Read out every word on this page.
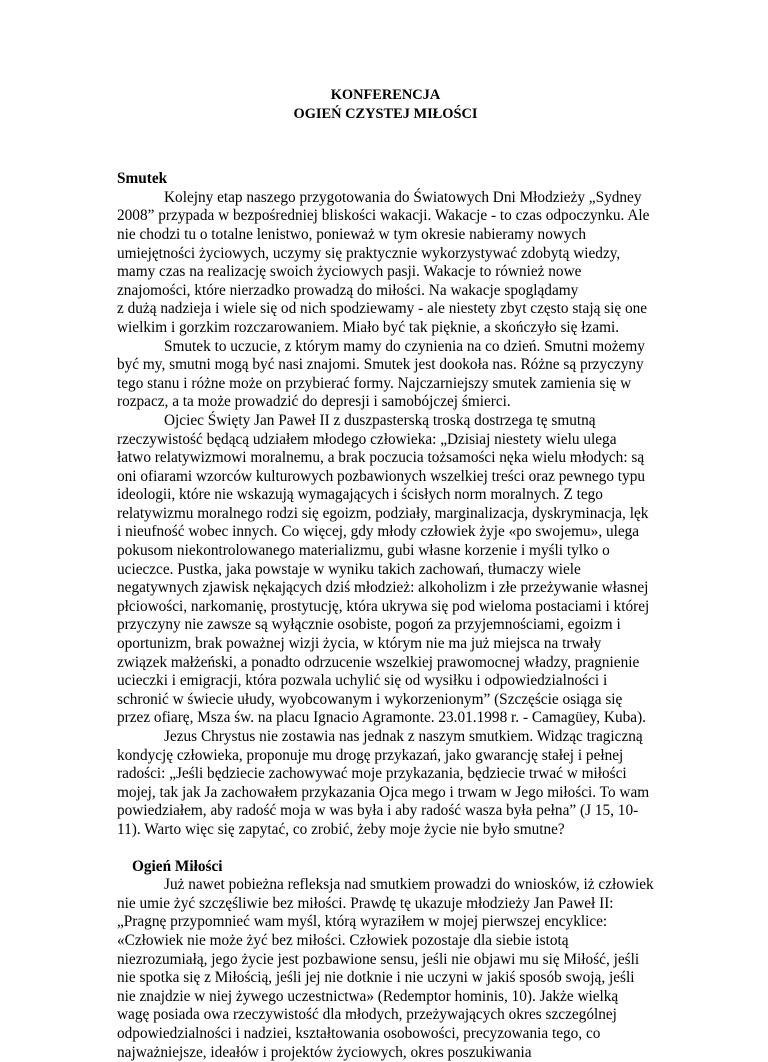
KONFERENCJA

OGIEŃ CZYSTEJ MIŁOŚCI

Smutek

Kolejny etap naszego przygotowania do Światowych Dni Młodzieży „Sydney 2008” przypada w bezpośredniej bliskości wakacji. Wakacje - to czas odpoczynku. Ale nie chodzi tu o totalne lenistwo, ponieważ w tym okresie nabieramy nowych umiejętności życiowych, uczymy się praktycznie wykorzystywać zdobytą wiedzy, mamy czas na realizację swoich życiowych pasji. Wakacje to również nowe znajomości, które nierzadko prowadzą do miłości. Na wakacje spoglądamy

z dużą nadzieja i wiele się od nich spodziewamy - ale niestety zbyt często stają się one wielkim i gorzkim rozczarowaniem. Miało być tak pięknie, a skończyło się łzami.

Smutek to uczucie, z którym mamy do czynienia na co dzień. Smutni możemy być my, smutni mogą być nasi znajomi. Smutek jest dookoła nas. Różne są przyczyny tego stanu i różne może on przybierać formy. Najczarniejszy smutek zamienia się w rozpacz, a ta może prowadzić do depresji i samobójczej śmierci.

Ojciec Święty Jan Paweł II z duszpasterską troską dostrzega tę smutną rzeczywistość będącą udziałem młodego człowieka: „Dzisiaj niestety wielu ulega łatwo relatywizmowi moralnemu, a brak poczucia tożsamości nęka wielu młodych: są oni ofiarami wzorców kulturowych pozbawionych wszelkiej treści oraz pewnego typu ideologii, które nie wskazują wymagających i ścisłych norm moralnych. Z tego relatywizmu moralnego rodzi się egoizm, podziały, marginalizacja, dyskryminacja, lęk i nieufność wobec innych. Co więcej, gdy młody człowiek żyje «po swojemu», ulega pokusom niekontrolowanego materializmu, gubi własne korzenie i myśli tylko o ucieczce. Pustka, jaka powstaje w wyniku takich zachowań, tłumaczy wiele negatywnych zjawisk nękających dziś młodzież: alkoholizm i złe przeżywanie własnej płciowości, narkomanię, prostytucję, która ukrywa się pod wieloma postaciami i której przyczyny nie zawsze są wyłącznie osobiste, pogoń za przyjemnościami, egoizm i oportunizm, brak poważnej wizji życia, w którym nie ma już miejsca na trwały związek małżeński, a ponadto odrzucenie wszelkiej prawomocnej władzy, pragnienie ucieczki i emigracji, która pozwala uchylić się od wysiłku i odpowiedzialności i schronić w świecie ułudy, wyobcowanym i wykorzenionym” (Szczęście osiąga się przez ofiarę, Msza św. na placu Ignacio Agramonte. 23.01.1998 r. - Camagüey, Kuba).

Jezus Chrystus nie zostawia nas jednak z naszym smutkiem. Widząc tragiczną kondycję człowieka, proponuje mu drogę przykazań, jako gwarancję stałej i pełnej radości: „Jeśli będziecie zachowywać moje przykazania, będziecie trwać w miłości mojej, tak jak Ja zachowałem przykazania Ojca mego i trwam w Jego miłości. To wam powiedziałem, aby radość moja w was była i aby radość wasza była pełna” (J 15, 10-11). Warto więc się zapytać, co zrobić, żeby moje życie nie było smutne?

Ogień Miłości

Już nawet pobieżna refleksja nad smutkiem prowadzi do wniosków, iż człowiek nie umie żyć szczęśliwie bez miłości. Prawdę tę ukazuje młodzieży Jan Paweł II: „Pragnę przypomnieć wam myśl, którą wyraziłem w mojej pierwszej encyklice: «Człowiek nie może żyć bez miłości. Człowiek pozostaje dla siebie istotą niezrozumiałą, jego życie jest pozbawione sensu, jeśli nie objawi mu się Miłość, jeśli nie spotka się z Miłością, jeśli jej nie dotknie i nie uczyni w jakiś sposób swoją, jeśli nie znajdzie w niej żywego uczestnictwa» (Redemptor hominis, 10). Jakże wielką wagę posiada owa rzeczywistość dla młodych, przeżywających okres szczególnej odpowiedzialności i nadziei, kształtowania osobowości, precyzowania tego, co najważniejsze, ideałów i projektów życiowych, okres poszukiwania
